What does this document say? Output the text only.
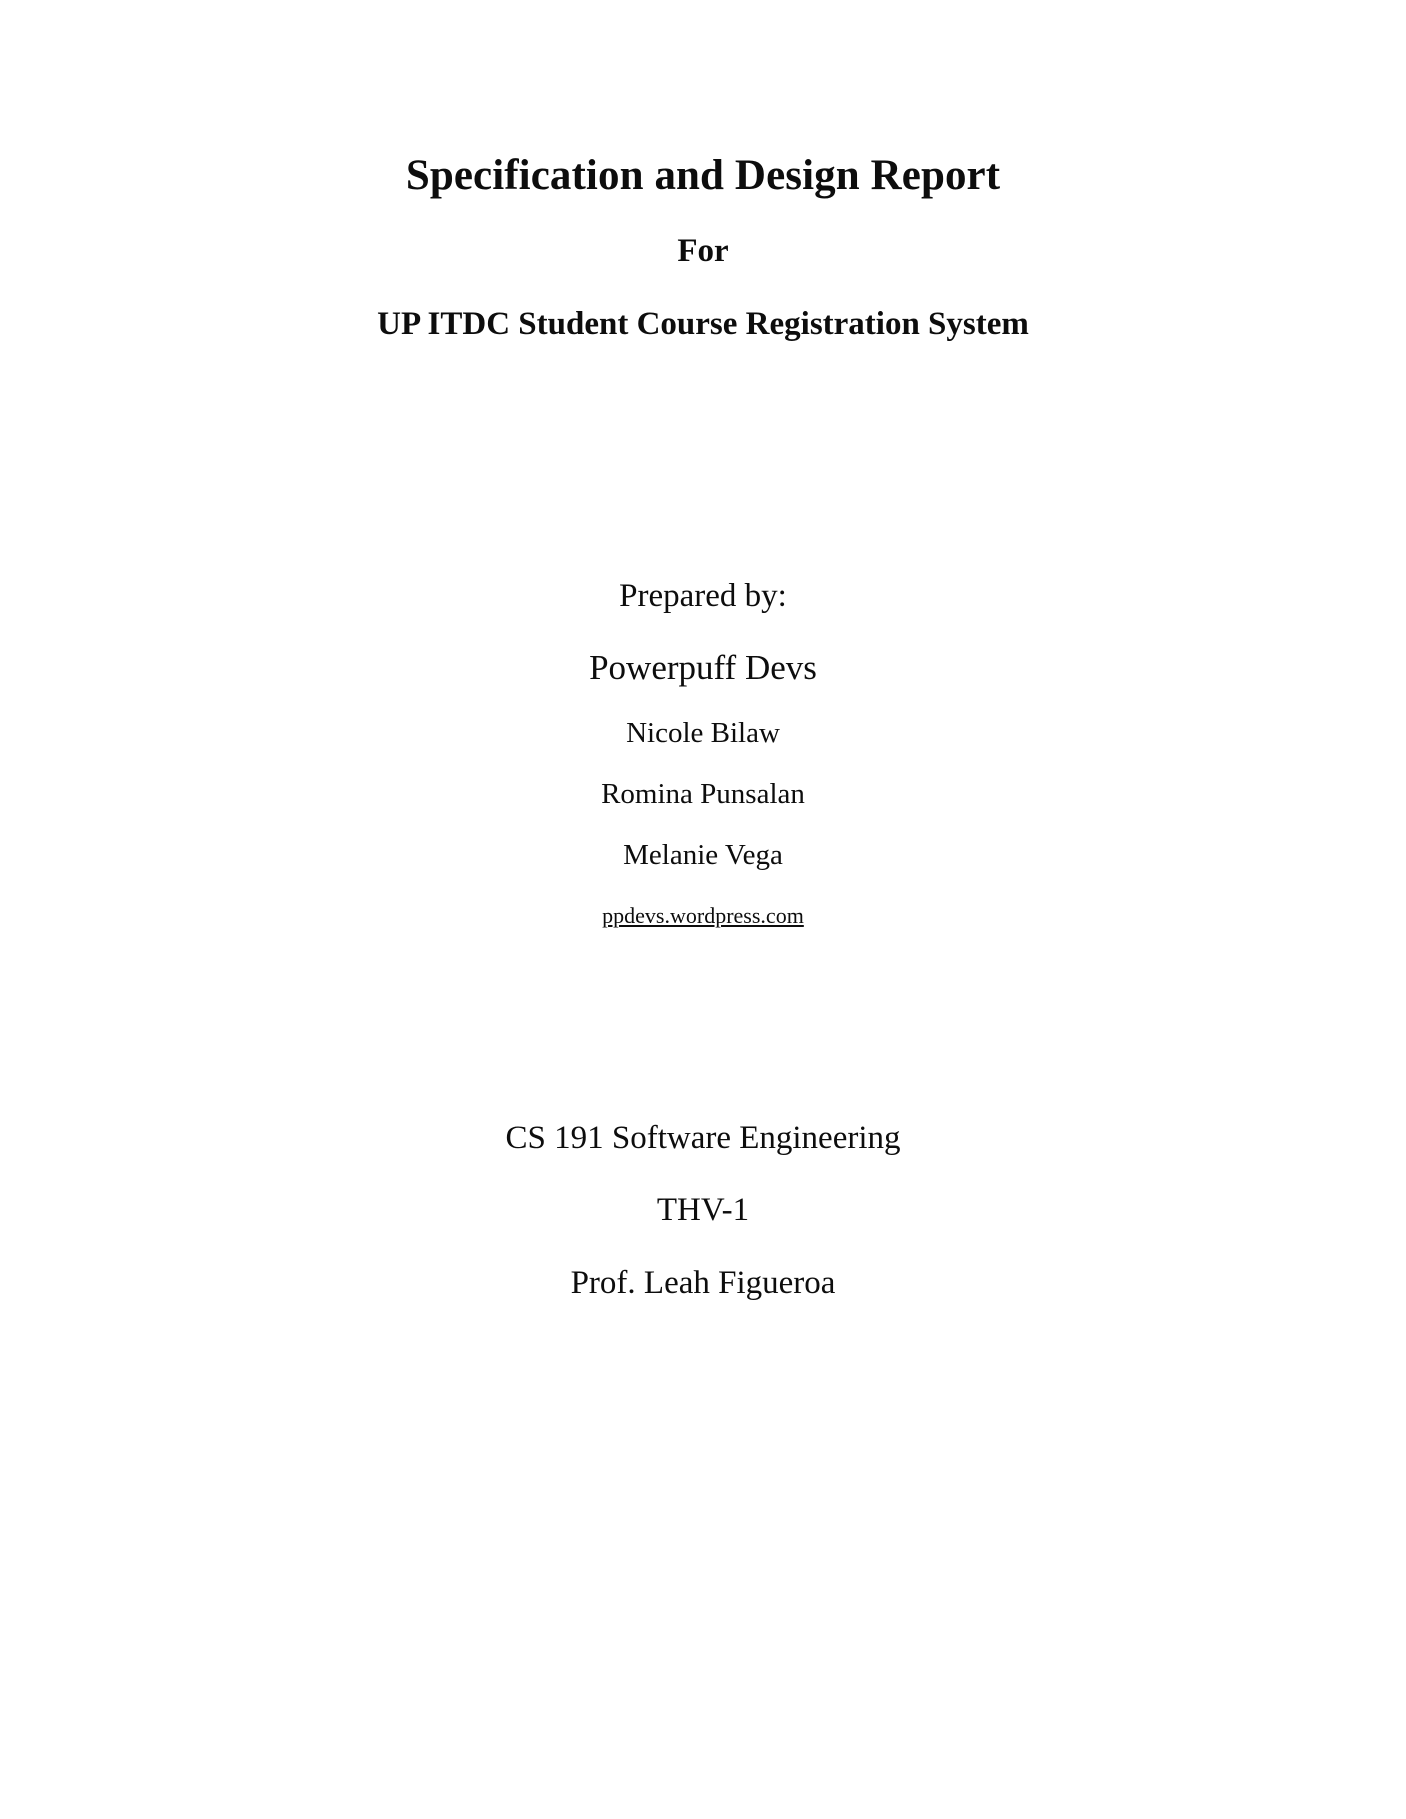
Specification and Design Report

For

UP ITDC Student Course Registration System

Prepared by:

Powerpuff Devs

Nicole Bilaw

Romina Punsalan

Melanie Vega

ppdevs.wordpress.com

CS 191 Software Engineering

THV-1

Prof. Leah Figueroa
